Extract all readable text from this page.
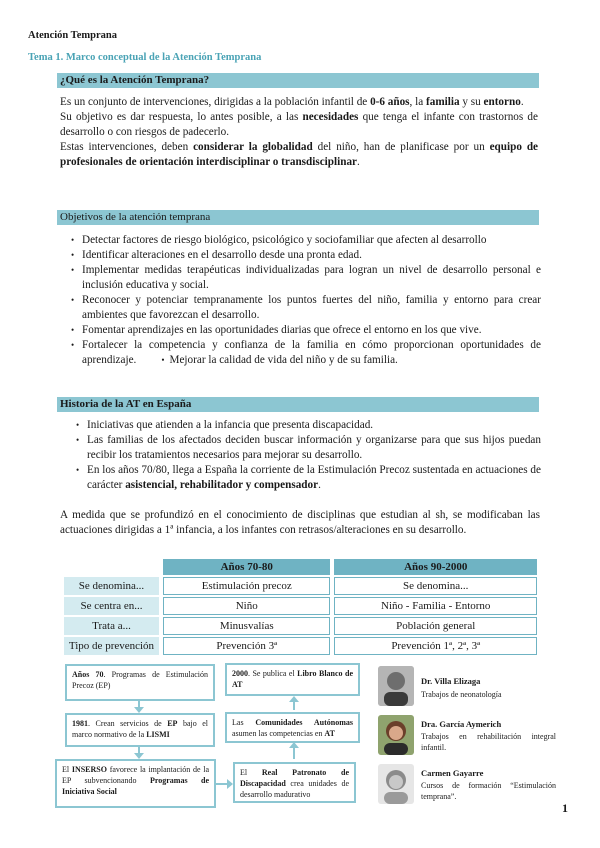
Atención Temprana
Tema 1. Marco conceptual de la Atención Temprana
¿Qué es la Atención Temprana?

Es un conjunto de intervenciones, dirigidas a la población infantil de 0-6 años, la familia y su entorno.

Su objetivo es dar respuesta, lo antes posible, a las necesidades que tenga el infante con trastornos de desarrollo o con riesgos de padecerlo.

Estas intervenciones, deben considerar la globalidad del niño, han de planificase por un equipo de profesionales de orientación interdisciplinar o transdisciplinar.

Objetivos de la atención temprana
• Detectar factores de riesgo biológico, psicológico y sociofamiliar que afecten al desarrollo
• Identificar alteraciones en el desarrollo desde una pronta edad.
• Implementar medidas terapéuticas individualizadas para logran un nivel de desarrollo personal e inclusión educativa y social.
• Reconocer y potenciar tempranamente los puntos fuertes del niño, familia y entorno para crear ambientes que favorezcan el desarrollo.
• Fomentar aprendizajes en las oportunidades diarias que ofrece el entorno en los que vive.
• Fortalecer la competencia y confianza de la familia en cómo proporcionan oportunidades de aprendizaje.	• Mejorar la calidad de vida del niño y de su familia.
Historia de la AT en España
• Iniciativas que atienden a la infancia que presenta discapacidad.
• Las familias de los afectados deciden buscar información y organizarse para que sus hijos puedan recibir los tratamientos necesarios para mejorar su desarrollo.
• En los años 70/80, llega a España la corriente de la Estimulación Precoz sustentada en actuaciones de carácter asistencial, rehabilitador y compensador.

A medida que se profundizó en el conocimiento de disciplinas que estudian al sh, se modificaban las actuaciones dirigidas a 1ª infancia, a los infantes con retrasos/alteraciones en su desarrollo.

	Años 70-80	Años 90-2000
Se denomina...	Estimulación precoz	Se denomina...
Se centra en...	Niño	Niño - Familia - Entorno
Trata a...	Minusvalías	Población general
Tipo de prevención	Prevención 3ª	Prevención 1ª, 2ª, 3ª
Años 70. Programas de Estimulación Precoz (EP)
1981. Crean servicios de EP bajo el marco normativo de la LISMI
El INSERSO favorece la implantación de la EP subvencionando Programas de Iniciativa Social
El Real Patronato de Discapacidad crea unidades de desarrollo madurativo
Las Comunidades Autónomas asumen las competencias en AT
2000. Se publica el Libro Blanco de AT	Dr. Villa Elizaga
Trabajos de neonatología
Dra. García Aymerich
Trabajos en rehabilitación integral infantil.
Carmen Gayarre
Cursos de formación “Estimulación temprana”.
1
